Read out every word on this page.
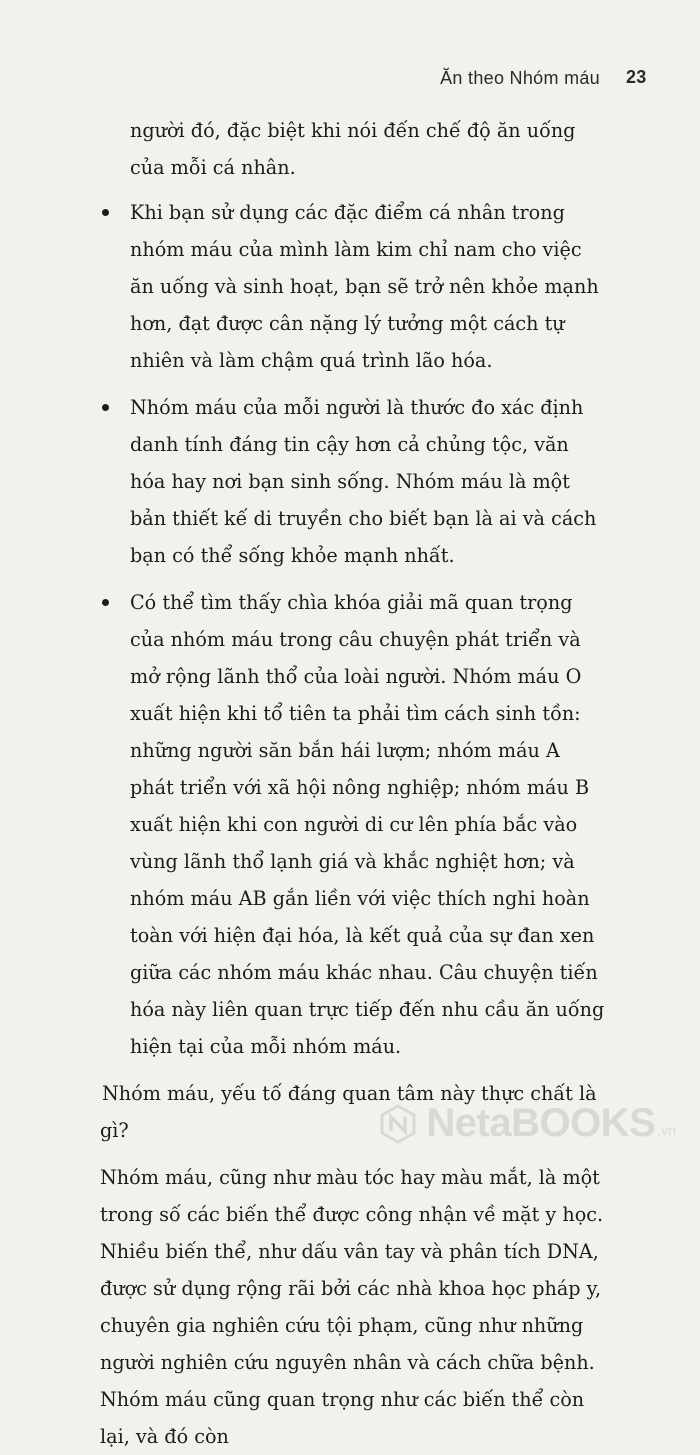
Ăn theo Nhóm máu 23

người đó, đặc biệt khi nói đến chế độ ăn uống của mỗi cá nhân.

Khi bạn sử dụng các đặc điểm cá nhân trong nhóm máu của mình làm kim chỉ nam cho việc ăn uống và sinh hoạt, bạn sẽ trở nên khỏe mạnh hơn, đạt được cân nặng lý tưởng một cách tự nhiên và làm chậm quá trình lão hóa.
Nhóm máu của mỗi người là thước đo xác định danh tính đáng tin cậy hơn cả chủng tộc, văn hóa hay nơi bạn sinh sống. Nhóm máu là một bản thiết kế di truyền cho biết bạn là ai và cách bạn có thể sống khỏe mạnh nhất.
Có thể tìm thấy chìa khóa giải mã quan trọng của nhóm máu trong câu chuyện phát triển và mở rộng lãnh thổ của loài người. Nhóm máu O xuất hiện khi tổ tiên ta phải tìm cách sinh tồn: những người săn bắn hái lượm; nhóm máu A phát triển với xã hội nông nghiệp; nhóm máu B xuất hiện khi con người di cư lên phía bắc vào vùng lãnh thổ lạnh giá và khắc nghiệt hơn; và nhóm máu AB gắn liền với việc thích nghi hoàn toàn với hiện đại hóa, là kết quả của sự đan xen giữa các nhóm máu khác nhau. Câu chuyện tiến hóa này liên quan trực tiếp đến nhu cầu ăn uống hiện tại của mỗi nhóm máu.

Nhóm máu, yếu tố đáng quan tâm này thực chất là gì?

Nhóm máu, cũng như màu tóc hay màu mắt, là một trong số các biến thể được công nhận về mặt y học. Nhiều biến thể, như dấu vân tay và phân tích DNA, được sử dụng rộng rãi bởi các nhà khoa học pháp y, chuyên gia nghiên cứu tội phạm, cũng như những người nghiên cứu nguyên nhân và cách chữa bệnh. Nhóm máu cũng quan trọng như các biến thể còn lại, và đó còn

NetaBOOKS .vn
